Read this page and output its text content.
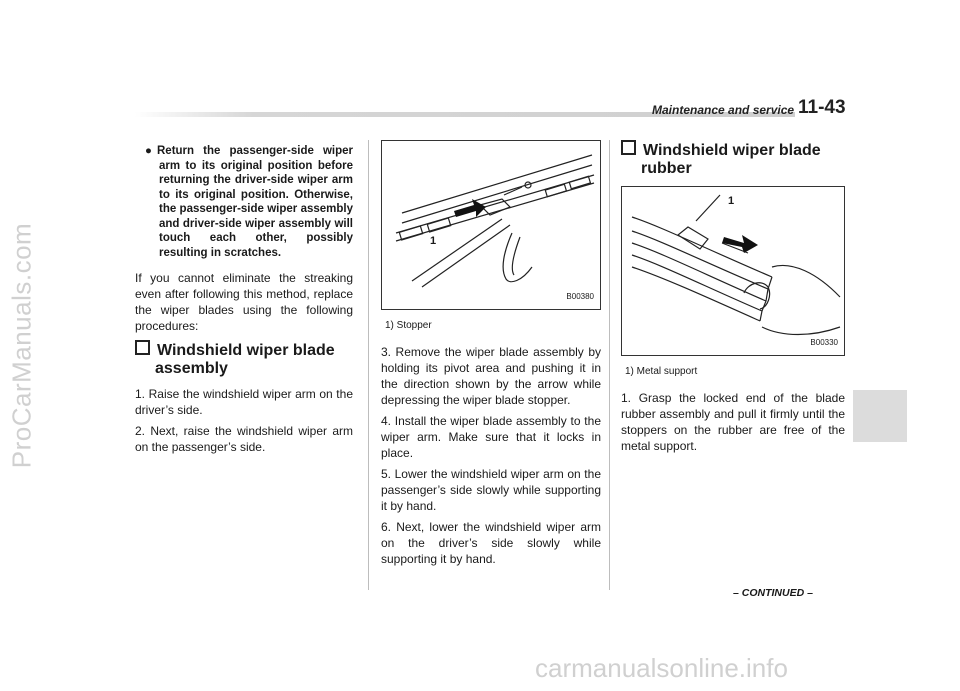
ProCarManuals.com
Maintenance and service 11-43
● Return the passenger-side wiper arm to its original position before returning the driver-side wiper arm to its original position. Otherwise, the passenger-side wiper assembly and driver-side wiper assembly will touch each other, possibly resulting in scratches.

If you cannot eliminate the streaking even after following this method, replace the wiper blades using the following procedures:

Windshield wiper blade assembly

1. Raise the windshield wiper arm on the driver’s side.

2. Next, raise the windshield wiper arm on the passenger’s side.

1
B00380
1) Stopper

3. Remove the wiper blade assembly by holding its pivot area and pushing it in the direction shown by the arrow while depressing the wiper blade stopper.

4. Install the wiper blade assembly to the wiper arm. Make sure that it locks in place.

5. Lower the windshield wiper arm on the passenger’s side slowly while supporting it by hand.

6. Next, lower the windshield wiper arm on the driver’s side slowly while supporting it by hand.

Windshield wiper blade rubber
1
B00330
1) Metal support

1. Grasp the locked end of the blade rubber assembly and pull it firmly until the stoppers on the rubber are free of the metal support.

– CONTINUED –
carmanualsonline.info
